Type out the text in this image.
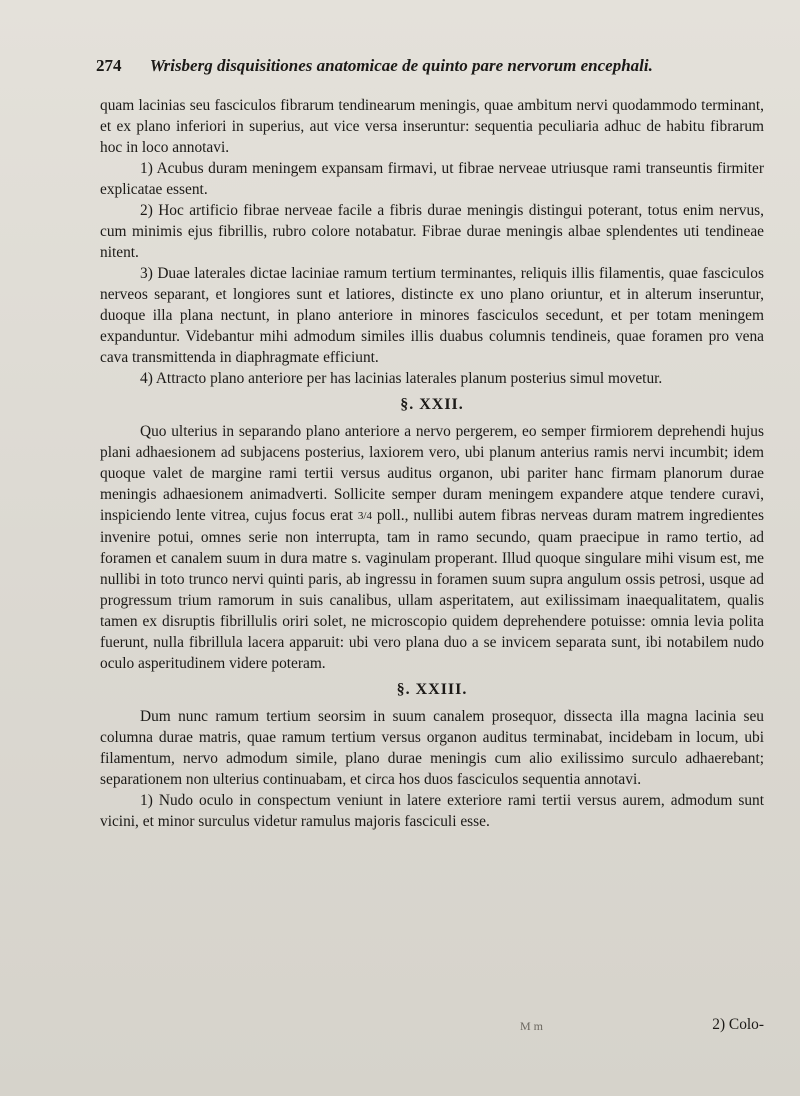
274 Wrisberg disquisitiones anatomicae de quinto pare nervorum encephali.

quam lacinias seu fasciculos fibrarum tendinearum meningis, quae ambitum nervi quodammodo terminant, et ex plano inferiori in superius, aut vice versa inseruntur: sequentia peculiaria adhuc de habitu fibrarum hoc in loco annotavi.

1) Acubus duram meningem expansam firmavi, ut fibrae nerveae utriusque rami transeuntis firmiter explicatae essent.

2) Hoc artificio fibrae nerveae facile a fibris durae meningis distingui poterant, totus enim nervus, cum minimis ejus fibrillis, rubro colore notabatur. Fibrae durae meningis albae splendentes uti tendineae nitent.

3) Duae laterales dictae laciniae ramum tertium terminantes, reliquis illis filamentis, quae fasciculos nerveos separant, et longiores sunt et latiores, distincte ex uno plano oriuntur, et in alterum inseruntur, duoque illa plana nectunt, in plano anteriore in minores fasciculos secedunt, et per totam meningem expanduntur. Videbantur mihi admodum similes illis duabus columnis tendineis, quae foramen pro vena cava transmittenda in diaphragmate efficiunt.

4) Attracto plano anteriore per has lacinias laterales planum posterius simul movetur.

§. XXII.

Quo ulterius in separando plano anteriore a nervo pergerem, eo semper firmiorem deprehendi hujus plani adhaesionem ad subjacens posterius, laxiorem vero, ubi planum anterius ramis nervi incumbit; idem quoque valet de margine rami tertii versus auditus organon, ubi pariter hanc firmam planorum durae meningis adhaesionem animadverti. Sollicite semper duram meningem expandere atque tendere curavi, inspiciendo lente vitrea, cujus focus erat 3/4 poll., nullibi autem fibras nerveas duram matrem ingredientes invenire potui, omnes serie non interrupta, tam in ramo secundo, quam praecipue in ramo tertio, ad foramen et canalem suum in dura matre s. vaginulam properant. Illud quoque singulare mihi visum est, me nullibi in toto trunco nervi quinti paris, ab ingressu in foramen suum supra angulum ossis petrosi, usque ad progressum trium ramorum in suis canalibus, ullam asperitatem, aut exilissimam inaequalitatem, qualis tamen ex disruptis fibrillulis oriri solet, ne microscopio quidem deprehendere potuisse: omnia levia polita fuerunt, nulla fibrillula lacera apparuit: ubi vero plana duo a se invicem separata sunt, ibi notabilem nudo oculo asperitudinem videre poteram.

§. XXIII.

Dum nunc ramum tertium seorsim in suum canalem prosequor, dissecta illa magna lacinia seu columna durae matris, quae ramum tertium versus organon auditus terminabat, incidebam in locum, ubi filamentum, nervo admodum simile, plano durae meningis cum alio exilissimo surculo adhaerebant; separationem non ulterius continuabam, et circa hos duos fasciculos sequentia annotavi.

1) Nudo oculo in conspectum veniunt in latere exteriore rami tertii versus aurem, admodum sunt vicini, et minor surculus videtur ramulus majoris fasciculi esse.

M m	2) Colo-
